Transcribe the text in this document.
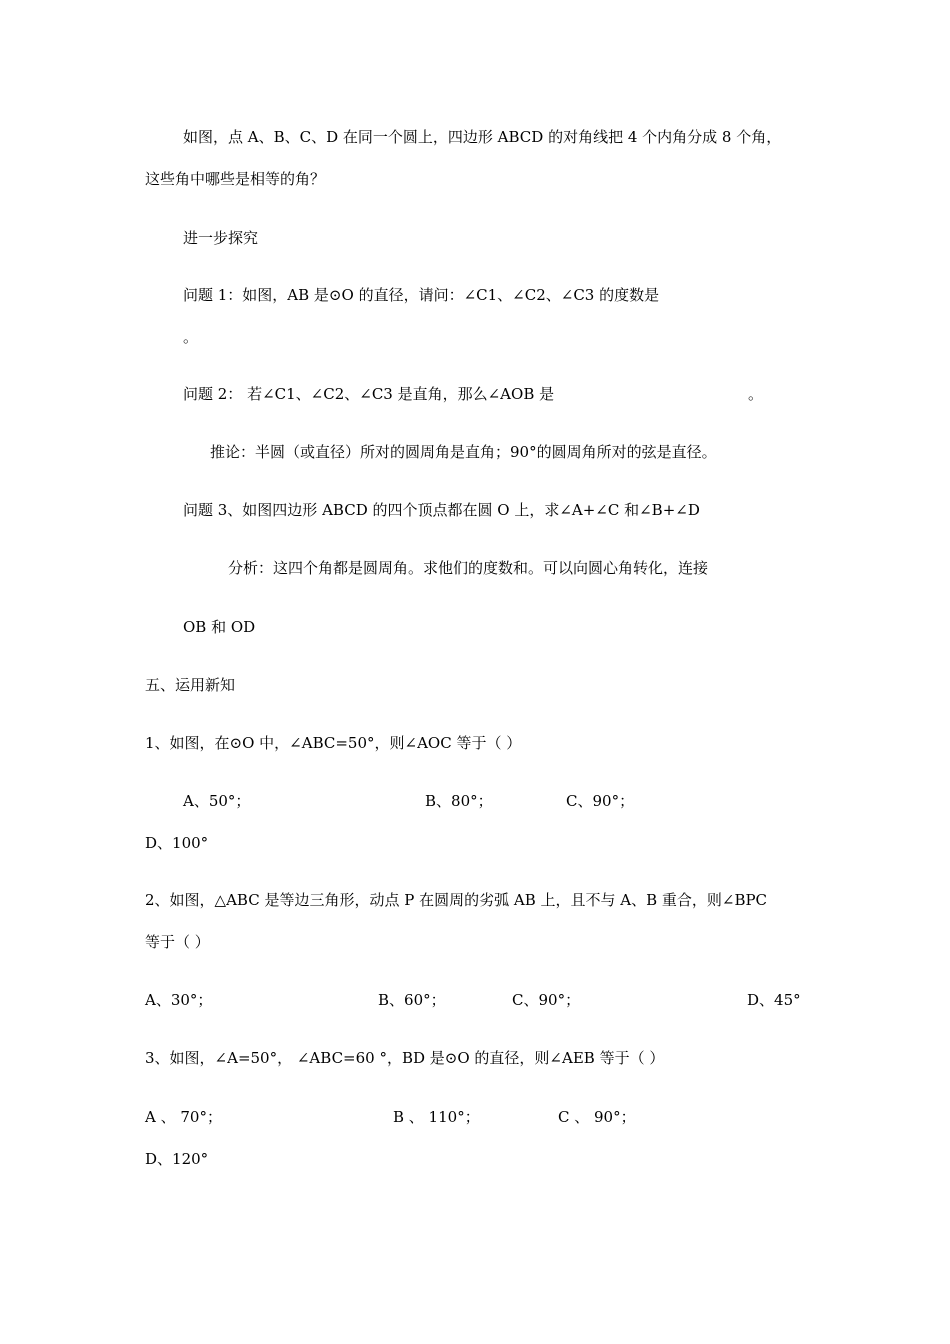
如图，点 A、B、C、D 在同一个圆上，四边形 ABCD 的对角线把 4 个内角分成 8 个角，
这些角中哪些是相等的角？
进一步探究
问题 1：如图，AB 是⊙O 的直径，请问：∠C1、∠C2、∠C3 的度数是
。
问题 2： 若∠C1、∠C2、∠C3 是直角，那么∠AOB 是	。
推论：半圆（或直径）所对的圆周角是直角；90°的圆周角所对的弦是直径。
问题 3、如图四边形 ABCD 的四个顶点都在圆 O 上，求∠A+∠C 和∠B+∠D
分析：这四个角都是圆周角。求他们的度数和。可以向圆心角转化，连接
OB 和 OD
五、运用新知
1、如图，在⊙O 中，∠ABC=50°，则∠AOC 等于（ ）
A、50°；	B、80°；	C、90°；
D、100°
2、如图，△ABC 是等边三角形，动点 P 在圆周的劣弧 AB 上，且不与 A、B 重合，则∠BPC
等于（ ）
A、30°；	B、60°；	C、90°；	D、45°
3、如图，∠A=50°， ∠ABC=60 °，BD 是⊙O 的直径，则∠AEB 等于（ ）
A 、 70°；	B 、 110°；	C 、 90°；
D、120°
